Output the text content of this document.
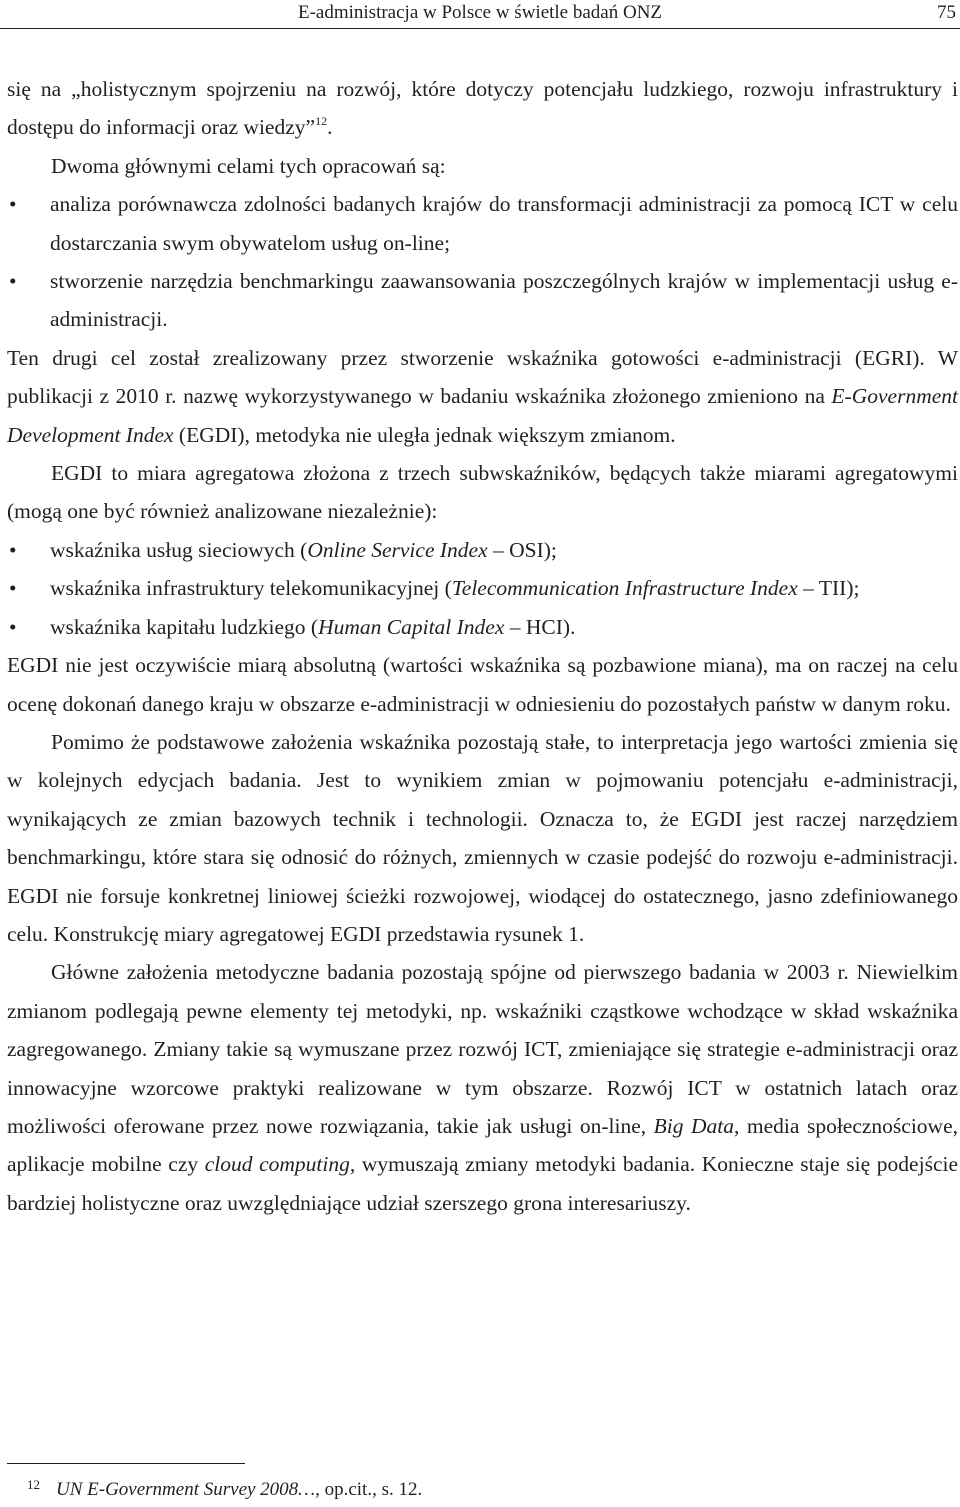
E-administracja w Polsce w świetle badań ONZ	75

się na „holistycznym spojrzeniu na rozwój, które dotyczy potencjału ludzkiego, rozwoju infrastruktury i dostępu do informacji oraz wiedzy”$^{12}$.

Dwoma głównymi celami tych opracowań są:

• analiza porównawcza zdolności badanych krajów do transformacji administracji za pomocą ICT w celu dostarczania swym obywatelom usług on-line;

• stworzenie narzędzia benchmarkingu zaawansowania poszczególnych krajów w implementacji usług e-administracji.

Ten drugi cel został zrealizowany przez stworzenie wskaźnika gotowości e-administracji (EGRI). W publikacji z 2010 r. nazwę wykorzystywanego w badaniu wskaźnika złożonego zmieniono na E-Government Development Index (EGDI), metodyka nie uległa jednak większym zmianom.

EGDI to miara agregatowa złożona z trzech subwskaźników, będących także miarami agregatowymi (mogą one być również analizowane niezależnie):

• wskaźnika usług sieciowych (Online Service Index – OSI);

• wskaźnika infrastruktury telekomunikacyjnej (Telecommunication Infrastructure Index – TII);

• wskaźnika kapitału ludzkiego (Human Capital Index – HCI).

EGDI nie jest oczywiście miarą absolutną (wartości wskaźnika są pozbawione miana), ma on raczej na celu ocenę dokonań danego kraju w obszarze e-administracji w odniesieniu do pozostałych państw w danym roku.

Pomimo że podstawowe założenia wskaźnika pozostają stałe, to interpretacja jego wartości zmienia się w kolejnych edycjach badania. Jest to wynikiem zmian w pojmowaniu potencjału e-administracji, wynikających ze zmian bazowych technik i technologii. Oznacza to, że EGDI jest raczej narzędziem benchmarkingu, które stara się odnosić do różnych, zmiennych w czasie podejść do rozwoju e-administracji. EGDI nie forsuje konkretnej liniowej ścieżki rozwojowej, wiodącej do ostatecznego, jasno zdefiniowanego celu. Konstrukcję miary agregatowej EGDI przedstawia rysunek 1.

Główne założenia metodyczne badania pozostają spójne od pierwszego badania w 2003 r. Niewielkim zmianom podlegają pewne elementy tej metodyki, np. wskaźniki cząstkowe wchodzące w skład wskaźnika zagregowanego. Zmiany takie są wymuszane przez rozwój ICT, zmieniające się strategie e-administracji oraz innowacyjne wzorcowe praktyki realizowane w tym obszarze. Rozwój ICT w ostatnich latach oraz możliwości oferowane przez nowe rozwiązania, takie jak usługi on-line, Big Data, media społecznościowe, aplikacje mobilne czy cloud computing, wymuszają zmiany metodyki badania. Konieczne staje się podejście bardziej holistyczne oraz uwzględniające udział szerszego grona interesariuszy.

$^{12}$ UN E-Government Survey 2008…, op.cit., s. 12.
